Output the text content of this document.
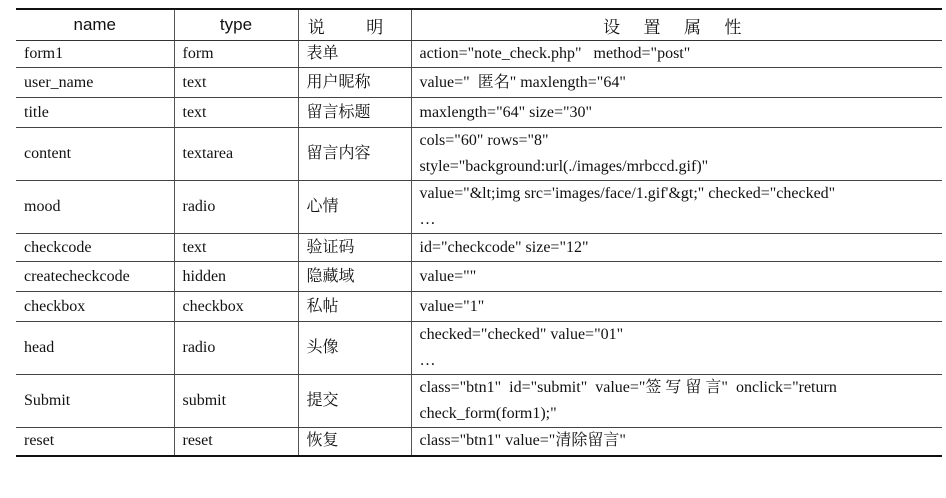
name	type	说 明	设 置 属 性
form1	form	表单	action="note_check.php"   method="post"
user_name	text	用户昵称	value="  匿名" maxlength="64"
title	text	留言标题	maxlength="64" size="30"
content	textarea	留言内容	cols="60" rows="8"
style="background:url(./images/mrbccd.gif)"
mood	radio	心情	value="&lt;img src='images/face/1.gif'&gt;" checked="checked"
…
checkcode	text	验证码	id="checkcode" size="12"
createcheckcode	hidden	隐藏域	value=""
checkbox	checkbox	私帖	value="1"
head	radio	头像	checked="checked" value="01"
…
Submit	submit	提交	class="btn1"  id="submit"  value="签 写 留 言"  onclick="return
check_form(form1);"
reset	reset	恢复	class="btn1" value="清除留言"
